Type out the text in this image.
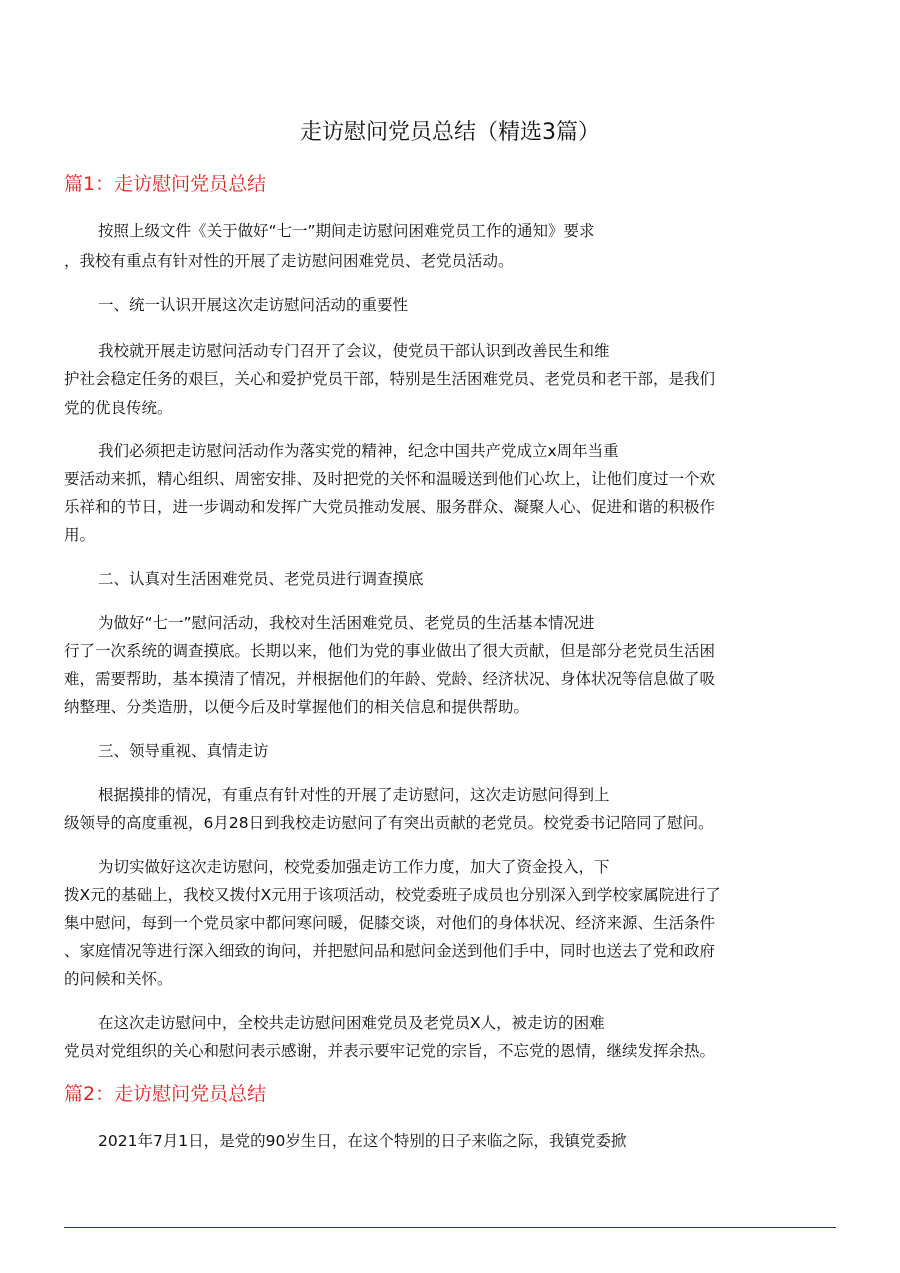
走访慰问党员总结（精选3篇）
篇1：走访慰问党员总结

按照上级文件《关于做好“七一”期间走访慰问困难党员工作的通知》要求

，我校有重点有针对性的开展了走访慰问困难党员、老党员活动。

一、统一认识开展这次走访慰问活动的重要性

我校就开展走访慰问活动专门召开了会议，使党员干部认识到改善民生和维

护社会稳定任务的艰巨，关心和爱护党员干部，特别是生活困难党员、老党员和老干部，是我们

党的优良传统。

我们必须把走访慰问活动作为落实党的精神，纪念中国共产党成立x周年当重

要活动来抓，精心组织、周密安排、及时把党的关怀和温暖送到他们心坎上，让他们度过一个欢

乐祥和的节日，进一步调动和发挥广大党员推动发展、服务群众、凝聚人心、促进和谐的积极作

用。

二、认真对生活困难党员、老党员进行调查摸底

为做好“七一”慰问活动，我校对生活困难党员、老党员的生活基本情况进

行了一次系统的调查摸底。长期以来，他们为党的事业做出了很大贡献，但是部分老党员生活困

难，需要帮助，基本摸清了情况，并根据他们的年龄、党龄、经济状况、身体状况等信息做了吸

纳整理、分类造册，以便今后及时掌握他们的相关信息和提供帮助。

三、领导重视、真情走访

根据摸排的情况，有重点有针对性的开展了走访慰问，这次走访慰问得到上

级领导的高度重视，6月28日到我校走访慰问了有突出贡献的老党员。校党委书记陪同了慰问。

为切实做好这次走访慰问，校党委加强走访工作力度，加大了资金投入，下

拨X元的基础上，我校又拨付X元用于该项活动，校党委班子成员也分别深入到学校家属院进行了

集中慰问，每到一个党员家中都问寒问暖，促膝交谈，对他们的身体状况、经济来源、生活条件

、家庭情况等进行深入细致的询问，并把慰问品和慰问金送到他们手中，同时也送去了党和政府

的问候和关怀。

在这次走访慰问中，全校共走访慰问困难党员及老党员X人，被走访的困难

党员对党组织的关心和慰问表示感谢，并表示要牢记党的宗旨，不忘党的恩情，继续发挥余热。

篇2：走访慰问党员总结

2021年7月1日，是党的90岁生日，在这个特别的日子来临之际，我镇党委掀
